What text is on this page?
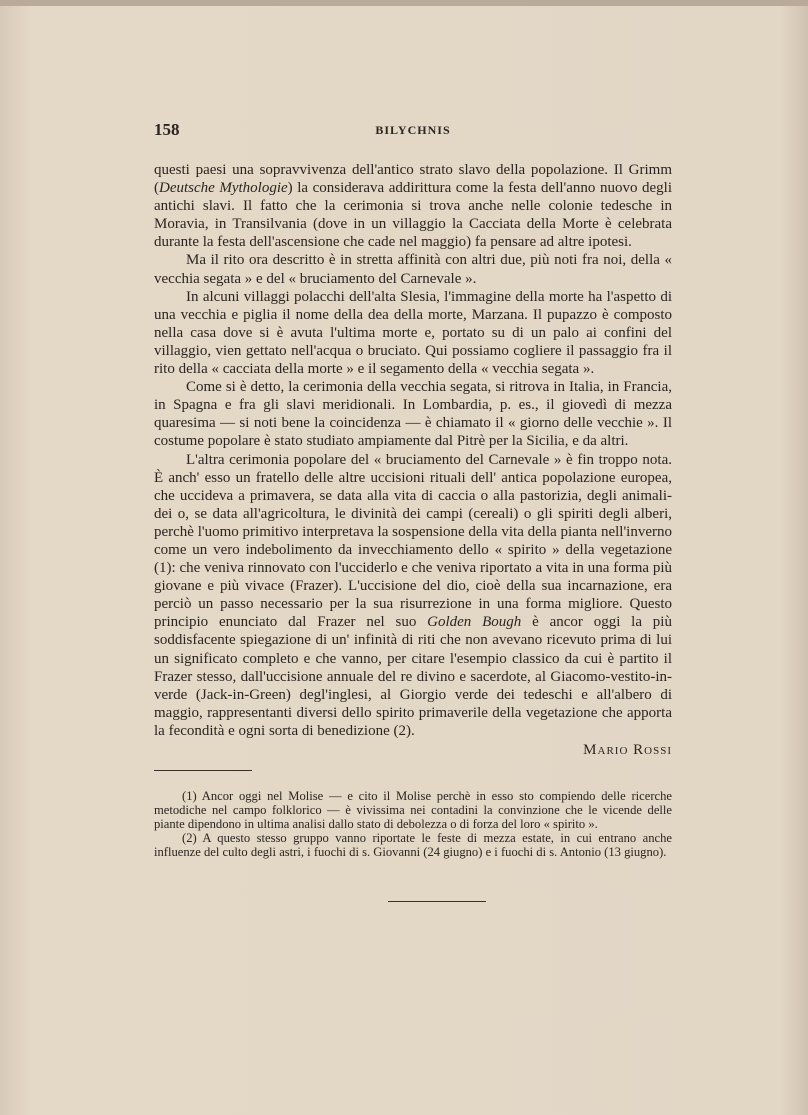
158	BILYCHNIS

questi paesi una sopravvivenza dell'antico strato slavo della popolazione. Il Grimm (Deutsche Mythologie) la considerava addirittura come la festa dell'anno nuovo degli antichi slavi. Il fatto che la cerimonia si trova anche nelle colonie tedesche in Moravia, in Transilvania (dove in un villaggio la Cacciata della Morte è celebrata durante la festa dell'ascensione che cade nel maggio) fa pensare ad altre ipotesi.

Ma il rito ora descritto è in stretta affinità con altri due, più noti fra noi, della « vecchia segata » e del « bruciamento del Carnevale ».

In alcuni villaggi polacchi dell'alta Slesia, l'immagine della morte ha l'aspetto di una vecchia e piglia il nome della dea della morte, Marzana. Il pupazzo è composto nella casa dove si è avuta l'ultima morte e, portato su di un palo ai confini del villaggio, vien gettato nell'acqua o bruciato. Qui possiamo cogliere il passaggio fra il rito della « cacciata della morte » e il segamento della « vecchia segata ».

Come si è detto, la cerimonia della vecchia segata, si ritrova in Italia, in Francia, in Spagna e fra gli slavi meridionali. In Lombardia, p. es., il giovedì di mezza quaresima — si noti bene la coincidenza — è chiamato il « giorno delle vecchie ». Il costume popolare è stato studiato ampiamente dal Pitrè per la Sicilia, e da altri.

L'altra cerimonia popolare del « bruciamento del Carnevale » è fin troppo nota. È anch' esso un fratello delle altre uccisioni rituali dell' antica popolazione europea, che uccideva a primavera, se data alla vita di caccia o alla pastorizia, degli animali-dei o, se data all'agricoltura, le divinità dei campi (cereali) o gli spiriti degli alberi, perchè l'uomo primitivo interpretava la sospensione della vita della pianta nell'inverno come un vero indebolimento da invecchiamento dello « spirito » della vegetazione (1): che veniva rinnovato con l'ucciderlo e che veniva riportato a vita in una forma più giovane e più vivace (Frazer). L'uccisione del dio, cioè della sua incarnazione, era perciò un passo necessario per la sua risurrezione in una forma migliore. Questo principio enunciato dal Frazer nel suo Golden Bough è ancor oggi la più soddisfacente spiegazione di un' infinità di riti che non avevano ricevuto prima di lui un significato completo e che vanno, per citare l'esempio classico da cui è partito il Frazer stesso, dall'uccisione annuale del re divino e sacerdote, al Giacomo-vestito-in-verde (Jack-in-Green) degl'inglesi, al Giorgio verde dei tedeschi e all'albero di maggio, rappresentanti diversi dello spirito primaverile della vegetazione che apporta la fecondità e ogni sorta di benedizione (2).

Mario Rossi

(1) Ancor oggi nel Molise — e cito il Molise perchè in esso sto compiendo delle ricerche metodiche nel campo folklorico — è vivissima nei contadini la convinzione che le vicende delle piante dipendono in ultima analisi dallo stato di debolezza o di forza del loro « spirito ».

(2) A questo stesso gruppo vanno riportate le feste di mezza estate, in cui entrano anche influenze del culto degli astri, i fuochi di s. Giovanni (24 giugno) e i fuochi di s. Antonio (13 giugno).
